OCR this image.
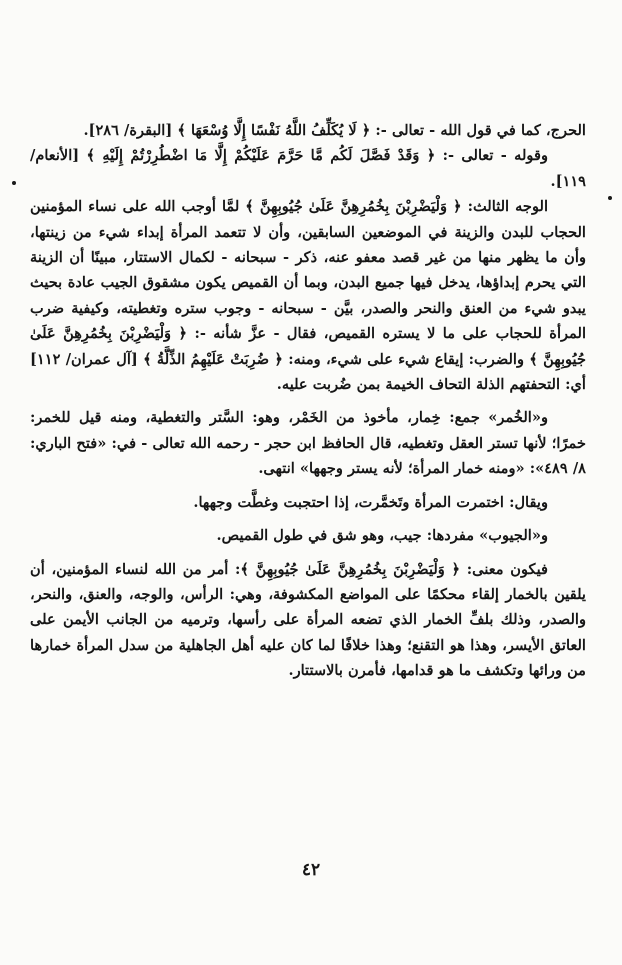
الحرج، كما في قول الله - تعالى -: ﴿ لَا يُكَلِّفُ اللَّهُ نَفْسًا إِلَّا وُسْعَهَا ﴾ [البقرة/ ٢٨٦].

وقوله - تعالى -: ﴿ وَقَدْ فَصَّلَ لَكُم مَّا حَرَّمَ عَلَيْكُمْ إِلَّا مَا اضْطُرِرْتُمْ إِلَيْهِ ﴾ [الأنعام/ ١١٩].

الوجه الثالث: ﴿ وَلْيَضْرِبْنَ بِخُمُرِهِنَّ عَلَىٰ جُيُوبِهِنَّ ﴾ لمَّا أوجب الله على نساء المؤمنين الحجاب للبدن والزينة في الموضعين السابقين، وأن لا تتعمد المرأة إبداء شيء من زينتها، وأن ما يظهر منها من غير قصد معفو عنه، ذكر - سبحانه - لكمال الاستتار، مبينًا أن الزينة التي يحرم إبداؤها، يدخل فيها جميع البدن، وبما أن القميص يكون مشقوق الجيب عادة بحيث يبدو شيء من العنق والنحر والصدر، بيَّن - سبحانه - وجوب ستره وتغطيته، وكيفية ضرب المرأة للحجاب على ما لا يستره القميص، فقال - عزَّ شأنه -: ﴿ وَلْيَضْرِبْنَ بِخُمُرِهِنَّ عَلَىٰ جُيُوبِهِنَّ ﴾ والضرب: إيقاع شيء على شيء، ومنه: ﴿ ضُرِبَتْ عَلَيْهِمُ الذِّلَّةُ ﴾ [آل عمران/ ١١٢] أي: التحفتهم الذلة التحاف الخيمة بمن ضُربت عليه.

و«الخُمر» جمع: خِمار، مأخوذ من الخَمْر، وهو: السَّتر والتغطية، ومنه قيل للخمر: خمرًا؛ لأنها تستر العقل وتغطيه، قال الحافظ ابن حجر - رحمه الله تعالى - في: «فتح الباري: ٨/ ٤٨٩»: «ومنه خمار المرأة؛ لأنه يستر وجهها» انتهى.

ويقال: اختمرت المرأة وتَخمَّرت، إذا احتجبت وغطَّت وجهها.

و«الجيوب» مفردها: جيب، وهو شق في طول القميص.

فيكون معنى: ﴿ وَلْيَضْرِبْنَ بِخُمُرِهِنَّ عَلَىٰ جُيُوبِهِنَّ ﴾: أمر من الله لنساء المؤمنين، أن يلقين بالخمار إلقاء محكمًا على المواضع المكشوفة، وهي: الرأس، والوجه، والعنق، والنحر، والصدر، وذلك بلفِّ الخمار الذي تضعه المرأة على رأسها، وترميه من الجانب الأيمن على العاتق الأيسر، وهذا هو التقنع؛ وهذا خلافًا لما كان عليه أهل الجاهلية من سدل المرأة خمارها من ورائها وتكشف ما هو قدامها، فأمرن بالاستتار.

٤٢
